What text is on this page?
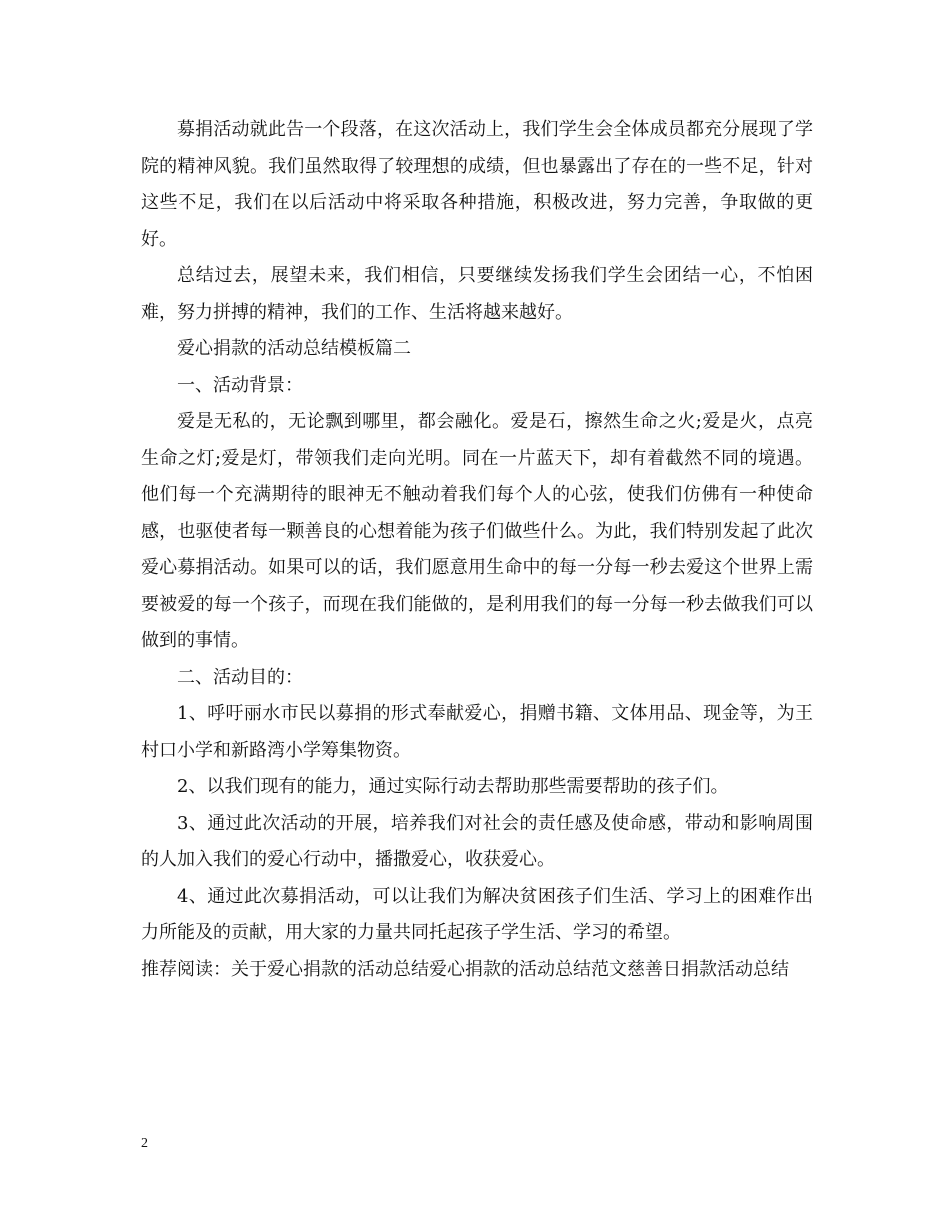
募捐活动就此告一个段落，在这次活动上，我们学生会全体成员都充分展现了学院的精神风貌。我们虽然取得了较理想的成绩，但也暴露出了存在的一些不足，针对这些不足，我们在以后活动中将采取各种措施，积极改进，努力完善，争取做的更好。

总结过去，展望未来，我们相信，只要继续发扬我们学生会团结一心，不怕困难，努力拼搏的精神，我们的工作、生活将越来越好。

爱心捐款的活动总结模板篇二

一、活动背景：

爱是无私的，无论飘到哪里，都会融化。爱是石，擦然生命之火;爱是火，点亮生命之灯;爱是灯，带领我们走向光明。同在一片蓝天下，却有着截然不同的境遇。他们每一个充满期待的眼神无不触动着我们每个人的心弦，使我们仿佛有一种使命感，也驱使者每一颗善良的心想着能为孩子们做些什么。为此，我们特别发起了此次爱心募捐活动。如果可以的话，我们愿意用生命中的每一分每一秒去爱这个世界上需要被爱的每一个孩子，而现在我们能做的，是利用我们的每一分每一秒去做我们可以做到的事情。

二、活动目的：

1、呼吁丽水市民以募捐的形式奉献爱心，捐赠书籍、文体用品、现金等，为王村口小学和新路湾小学筹集物资。

2、以我们现有的能力，通过实际行动去帮助那些需要帮助的孩子们。

3、通过此次活动的开展，培养我们对社会的责任感及使命感，带动和影响周围的人加入我们的爱心行动中，播撒爱心，收获爱心。

4、通过此次募捐活动，可以让我们为解决贫困孩子们生活、学习上的困难作出力所能及的贡献，用大家的力量共同托起孩子学生活、学习的希望。

推荐阅读：关于爱心捐款的活动总结爱心捐款的活动总结范文慈善日捐款活动总结

2
